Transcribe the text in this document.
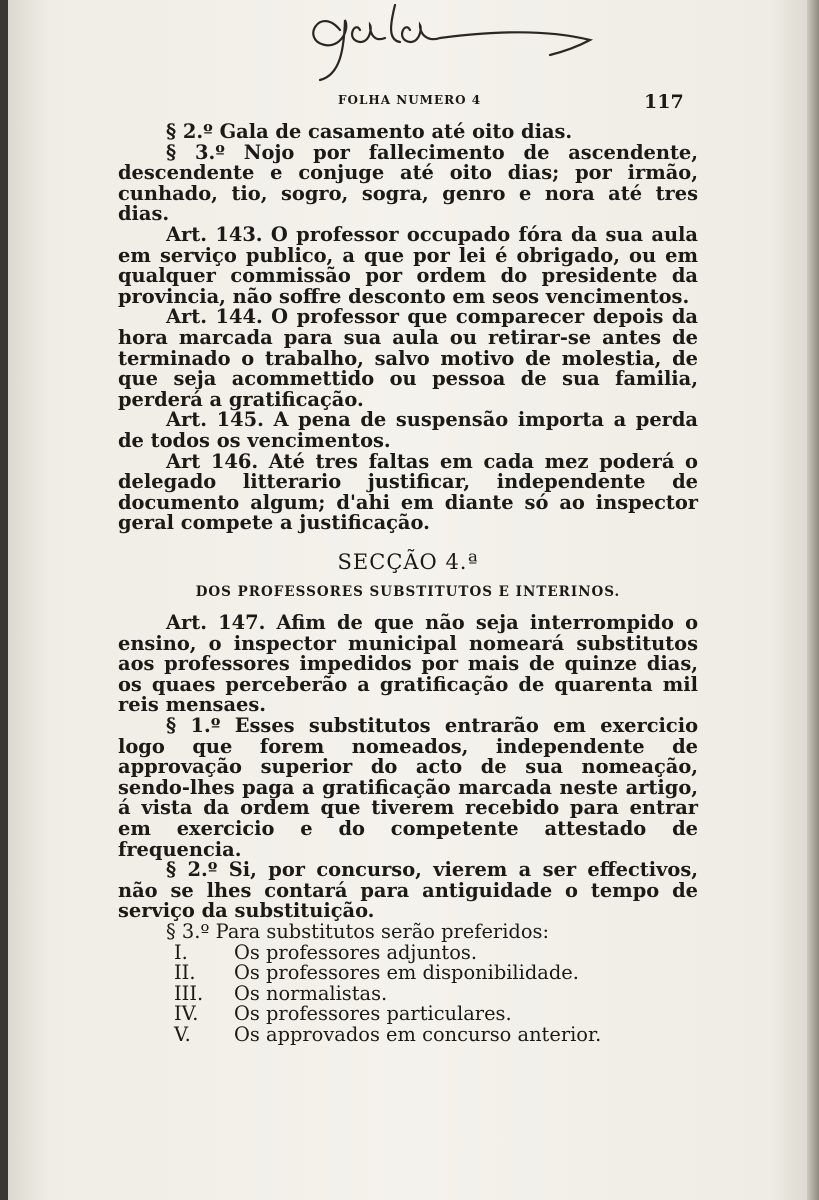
FOLHA NUMERO 4	117

§ 2.º Gala de casamento até oito dias.

§ 3.º Nojo por fallecimento de ascendente, descendente e conjuge até oito dias; por irmão, cunhado, tio, sogro, sogra, genro e nora até tres dias.

Art. 143. O professor occupado fóra da sua aula em serviço publico, a que por lei é obrigado, ou em qualquer commissão por ordem do presidente da provincia, não soffre desconto em seos vencimentos.

Art. 144. O professor que comparecer depois da hora marcada para sua aula ou retirar-se antes de terminado o trabalho, salvo motivo de molestia, de que seja acommettido ou pessoa de sua familia, perderá a gratificação.

Art. 145. A pena de suspensão importa a perda de todos os vencimentos.

Art 146. Até tres faltas em cada mez poderá o delegado litterario justificar, independente de documento algum; d'ahi em diante só ao inspector geral compete a justificação.

SECÇÃO 4.ª

DOS PROFESSORES SUBSTITUTOS E INTERINOS.

Art. 147. Afim de que não seja interrompido o ensino, o inspector municipal nomeará substitutos aos professores impedidos por mais de quinze dias, os quaes perceberão a gratificação de quarenta mil reis mensaes.

§ 1.º Esses substitutos entrarão em exercicio logo que forem nomeados, independente de approvação superior do acto de sua nomeação, sendo-lhes paga a gratificação marcada neste artigo, á vista da ordem que tiverem recebido para entrar em exercicio e do competente attestado de frequencia.

§ 2.º Si, por concurso, vierem a ser effectivos, não se lhes contará para antiguidade o tempo de serviço da substituição.

§ 3.º Para substitutos serão preferidos:

I.	Os professores adjuntos.
II.	Os professores em disponibilidade.
III.	Os normalistas.
IV.	Os professores particulares.
V.	Os approvados em concurso anterior.
